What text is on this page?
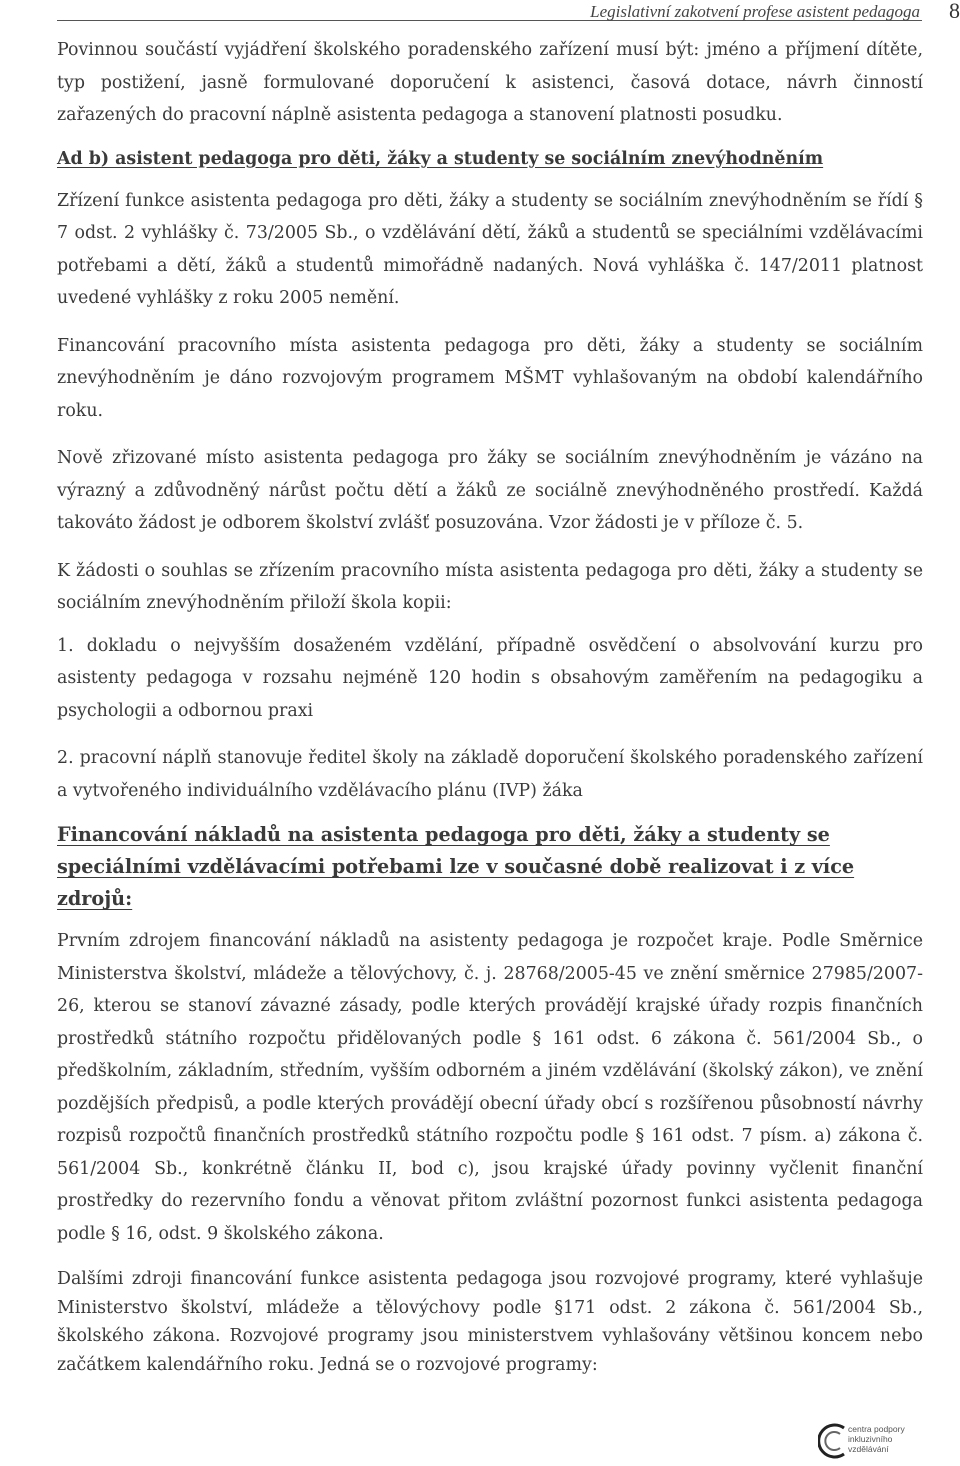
Legislativní zakotvení profese asistent pedagoga 8

Povinnou součástí vyjádření školského poradenského zařízení musí být: jméno a příjmení dítěte, typ postižení, jasně formulované doporučení k asistenci, časová dotace, návrh činností zařazených do pracovní náplně asistenta pedagoga a stanovení platnosti posudku.

Ad b) asistent pedagoga pro děti, žáky a studenty se sociálním znevýhodněním

Zřízení funkce asistenta pedagoga pro děti, žáky a studenty se sociálním znevýhodněním se řídí § 7 odst. 2 vyhlášky č. 73/2005 Sb., o vzdělávání dětí, žáků a studentů se speciálními vzdělávacími potřebami a dětí, žáků a studentů mimořádně nadaných. Nová vyhláška č. 147/2011 platnost uvedené vyhlášky z roku 2005 nemění.

Financování pracovního místa asistenta pedagoga pro děti, žáky a studenty se sociálním znevýhodněním je dáno rozvojovým programem MŠMT vyhlašovaným na období kalendářního roku.

Nově zřizované místo asistenta pedagoga pro žáky se sociálním znevýhodněním je vázáno na výrazný a zdůvodněný nárůst počtu dětí a žáků ze sociálně znevýhodněného prostředí. Každá takováto žádost je odborem školství zvlášť posuzována. Vzor žádosti je v příloze č. 5.

K žádosti o souhlas se zřízením pracovního místa asistenta pedagoga pro děti, žáky a studenty se sociálním znevýhodněním přiloží škola kopii:

1. dokladu o nejvyšším dosaženém vzdělání, případně osvědčení o absolvování kurzu pro asistenty pedagoga v rozsahu nejméně 120 hodin s obsahovým zaměřením na pedagogiku a psychologii a odbornou praxi

2. pracovní náplň stanovuje ředitel školy na základě doporučení školského poradenského zařízení a vytvořeného individuálního vzdělávacího plánu (IVP) žáka

Financování nákladů na asistenta pedagoga pro děti, žáky a studenty se speciálními vzdělávacími potřebami lze v současné době realizovat i z více zdrojů:

Prvním zdrojem financování nákladů na asistenty pedagoga je rozpočet kraje. Podle Směrnice Ministerstva školství, mládeže a tělovýchovy, č. j. 28768/2005-45 ve znění směrnice 27985/2007-26, kterou se stanoví závazné zásady, podle kterých provádějí krajské úřady rozpis finančních prostředků státního rozpočtu přidělovaných podle § 161 odst. 6 zákona č. 561/2004 Sb., o předškolním, základním, středním, vyšším odborném a jiném vzdělávání (školský zákon), ve znění pozdějších předpisů, a podle kterých provádějí obecní úřady obcí s rozšířenou působností návrhy rozpisů rozpočtů finančních prostředků státního rozpočtu podle § 161 odst. 7 písm. a) zákona č. 561/2004 Sb., konkrétně článku II, bod c), jsou krajské úřady povinny vyčlenit finanční prostředky do rezervního fondu a věnovat přitom zvláštní pozornost funkci asistenta pedagoga podle § 16, odst. 9 školského zákona.

Dalšími zdroji financování funkce asistenta pedagoga jsou rozvojové programy, které vyhlašuje Ministerstvo školství, mládeže a tělovýchovy podle §171 odst. 2 zákona č. 561/2004 Sb., školského zákona. Rozvojové programy jsou ministerstvem vyhlašovány většinou koncem nebo začátkem kalendářního roku. Jedná se o rozvojové programy:

centra podpory
inkluzivního vzdělávání
